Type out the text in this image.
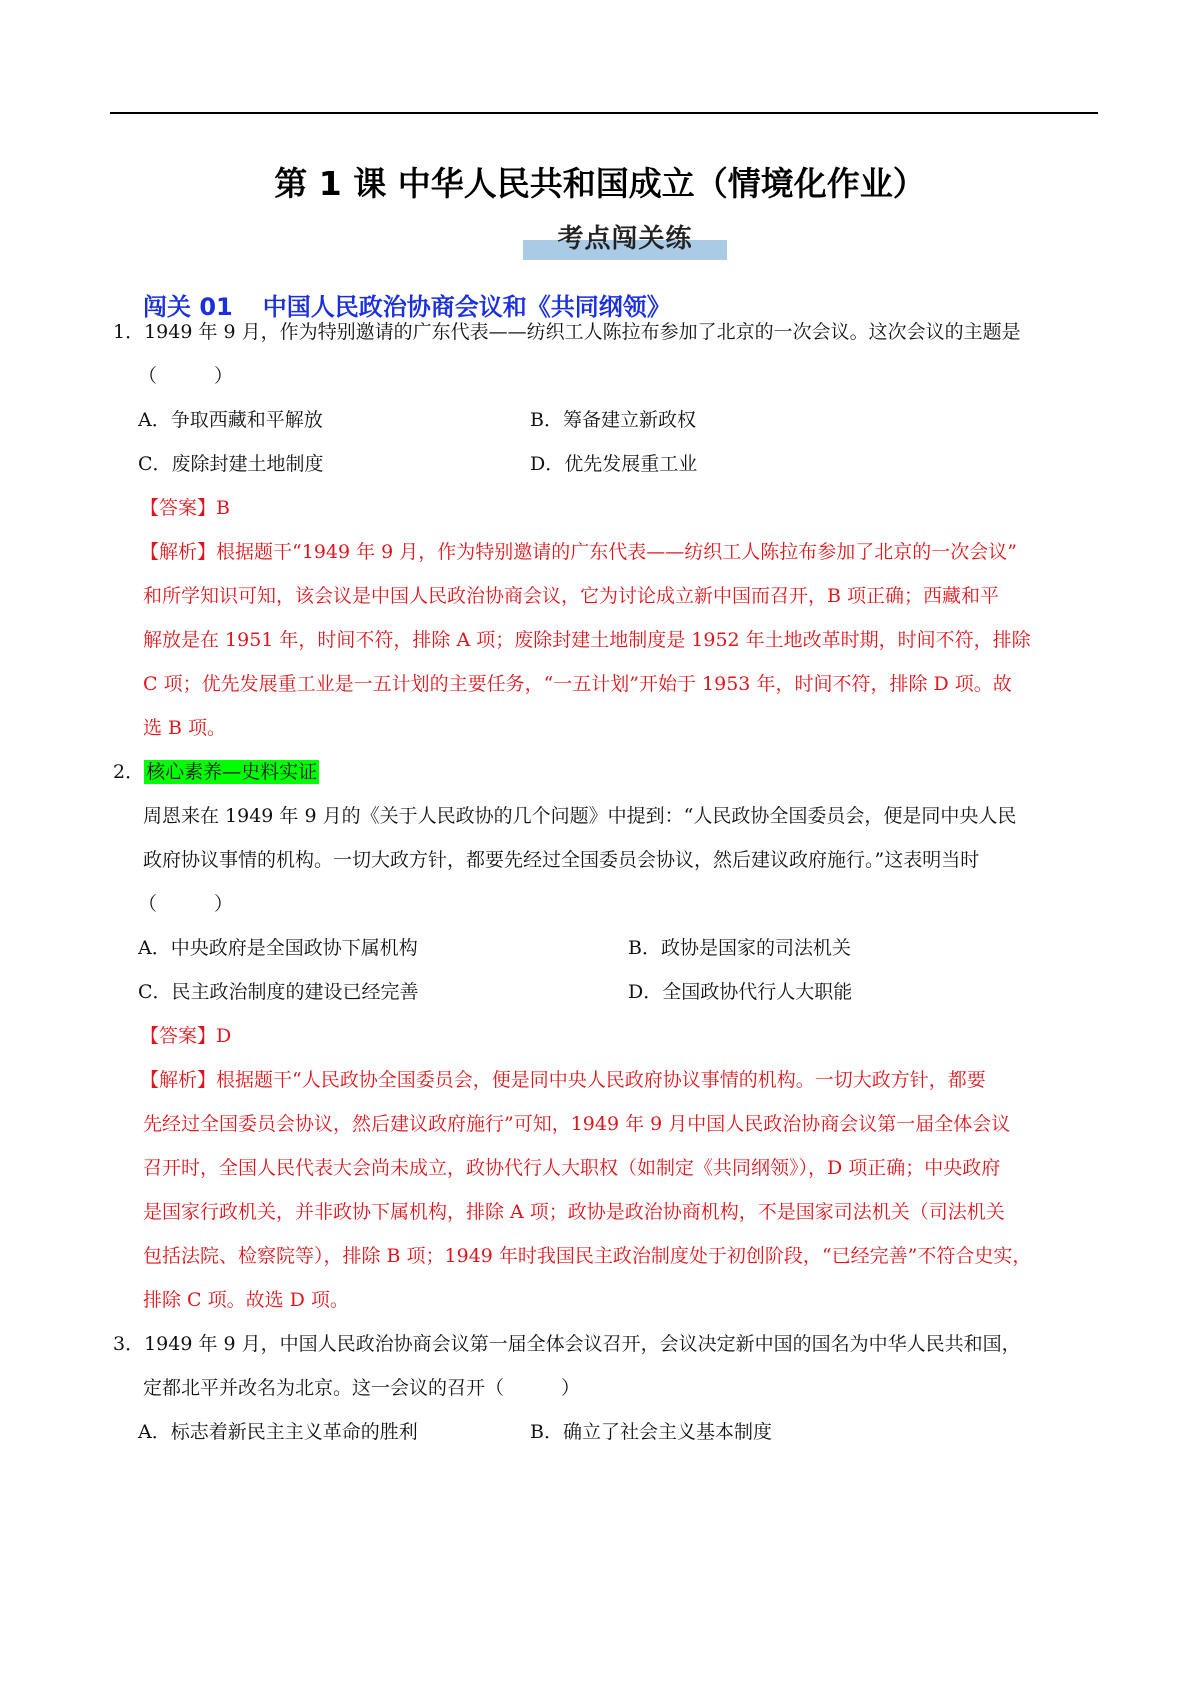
第 1 课 中华人民共和国成立（情境化作业）
考点闯关练
闯关 01 中国人民政治协商会议和《共同纲领》
1．1949 年 9 月，作为特别邀请的广东代表——纺织工人陈拉布参加了北京的一次会议。这次会议的主题是
（　　　）
A．争取西藏和平解放	B．筹备建立新政权
C．废除封建土地制度	D．优先发展重工业
【答案】B
【解析】根据题干“1949 年 9 月，作为特别邀请的广东代表——纺织工人陈拉布参加了北京的一次会议”
和所学知识可知，该会议是中国人民政治协商会议，它为讨论成立新中国而召开，B 项正确；西藏和平
解放是在 1951 年，时间不符，排除 A 项；废除封建土地制度是 1952 年土地改革时期，时间不符，排除
C 项；优先发展重工业是一五计划的主要任务，“一五计划”开始于 1953 年，时间不符，排除 D 项。故
选 B 项。
2． 核心素养—史料实证
周恩来在 1949 年 9 月的《关于人民政协的几个问题》中提到：“人民政协全国委员会，便是同中央人民
政府协议事情的机构。一切大政方针，都要先经过全国委员会协议，然后建议政府施行。”这表明当时
（　　　）
A．中央政府是全国政协下属机构	B．政协是国家的司法机关
C．民主政治制度的建设已经完善	D．全国政协代行人大职能
【答案】D
【解析】根据题干“人民政协全国委员会，便是同中央人民政府协议事情的机构。一切大政方针，都要
先经过全国委员会协议，然后建议政府施行”可知，1949 年 9 月中国人民政治协商会议第一届全体会议
召开时，全国人民代表大会尚未成立，政协代行人大职权（如制定《共同纲领》），D 项正确；中央政府
是国家行政机关，并非政协下属机构，排除 A 项；政协是政治协商机构，不是国家司法机关（司法机关
包括法院、检察院等），排除 B 项；1949 年时我国民主政治制度处于初创阶段，“已经完善”不符合史实，
排除 C 项。故选 D 项。
3．1949 年 9 月，中国人民政治协商会议第一届全体会议召开，会议决定新中国的国名为中华人民共和国，
定都北平并改名为北京。这一会议的召开（　　　）
A．标志着新民主主义革命的胜利	B．确立了社会主义基本制度
